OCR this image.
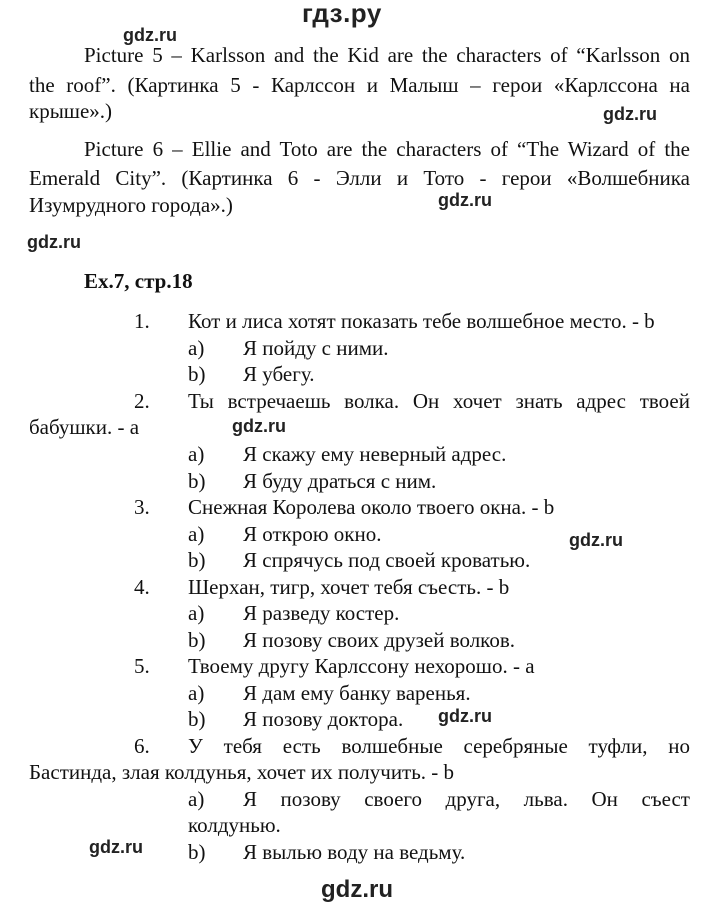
гдз.ру
gdz.ru
gdz.ru
gdz.ru
gdz.ru
gdz.ru
gdz.ru
gdz.ru
gdz.ru
gdz.ru
Picture 5 – Karlsson and the Kid are the characters of “Karlsson on
the roof”. (Картинка 5 - Карлссон и Малыш – герои «Карлссона на
крыше».)
Picture 6 – Ellie and Toto are the characters of “The Wizard of the
Emerald City”. (Картинка 6 - Элли и Тото - герои «Волшебника
Изумрудного города».)
Ex.7, стр.18
1. Кот и лиса хотят показать тебе волшебное место. - b
a) Я пойду с ними.
b) Я убегу.
2. Ты встречаешь волка. Он хочет знать адрес твоей
бабушки. - a
a) Я скажу ему неверный адрес.
b) Я буду драться с ним.
3. Снежная Королева около твоего окна. - b
a) Я открою окно.
b) Я спрячусь под своей кроватью.
4. Шерхан, тигр, хочет тебя съесть. - b
a) Я разведу костер.
b) Я позову своих друзей волков.
5. Твоему другу Карлссону нехорошо. - a
a) Я дам ему банку варенья.
b) Я позову доктора.
6. У тебя есть волшебные серебряные туфли, но
Бастинда, злая колдунья, хочет их получить. - b
a) Я позову своего друга, льва. Он съест
колдунью.
b) Я вылью воду на ведьму.
